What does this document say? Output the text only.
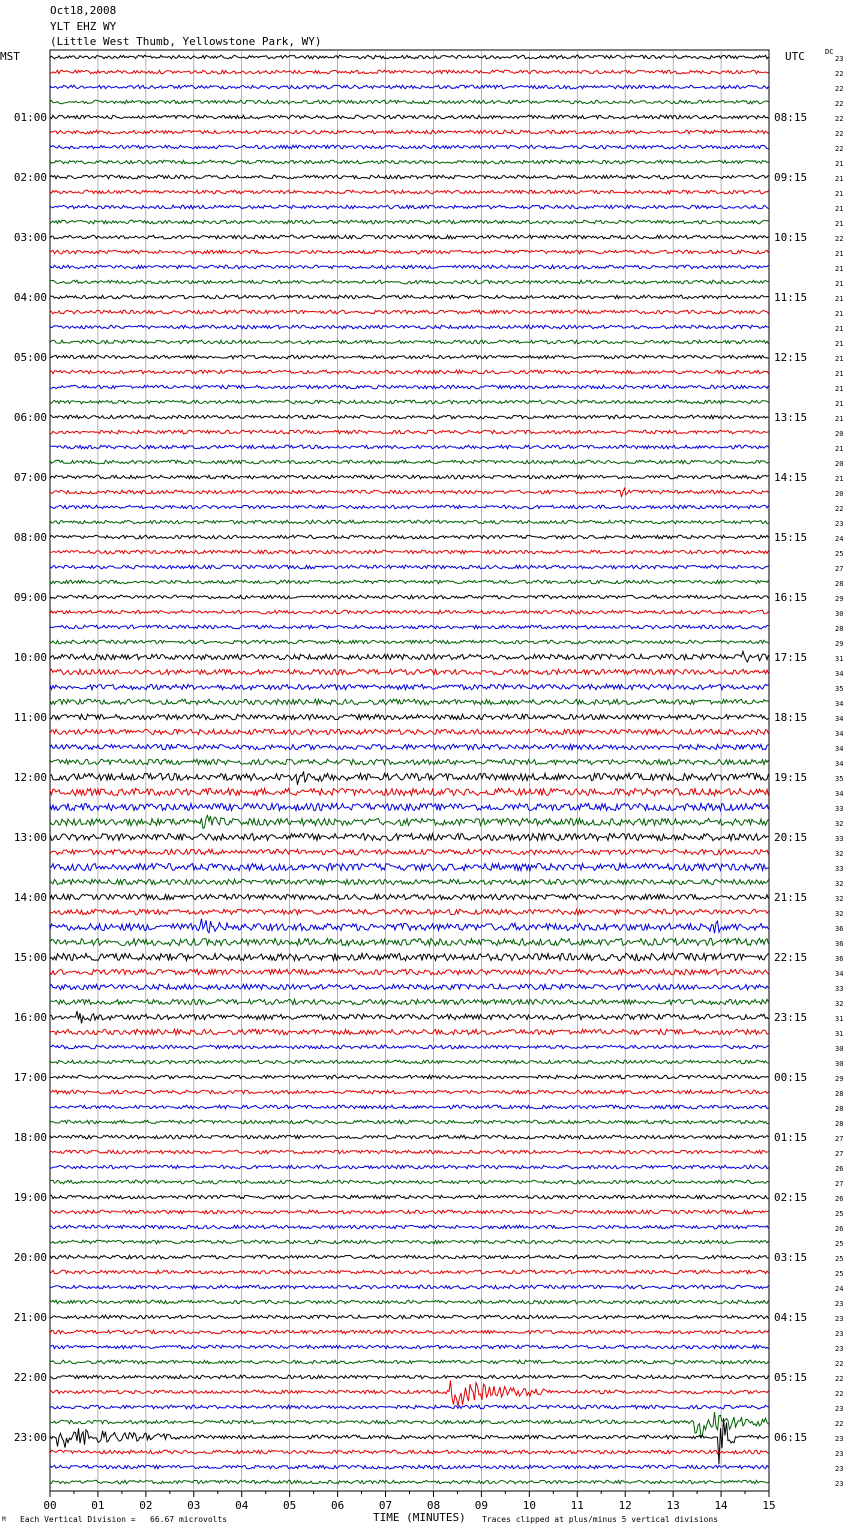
Oct18,2008
YLT EHZ WY
(Little West Thumb, Yellowstone Park, WY)
MST	UTC	DC
00	01	02	03	04	05	06	07	08	09	10	11	12	13	14	15
23
22
22
22
22
01:00	08:15
22
22
21
21
02:00	09:15
21
21
21
22
03:00	10:15
21
21
21
21
04:00	11:15
21
21
21
21
05:00	12:15
21
21
21
21
06:00	13:15
20
21
20
21
07:00	14:15
20
22
23
24
08:00	15:15
25
27
28
29
09:00	16:15
30
28
29
31
10:00	17:15
34
35
34
34
11:00	18:15
34
34
34
35
12:00	19:15
34
33
32
33
13:00	20:15
32
33
32
32
14:00	21:15
32
36
36
36
15:00	22:15
34
33
32
31
16:00	23:15
31
30
30
29
17:00	00:15
28
28
28
27
18:00	01:15
27
26
27
26
19:00	02:15
25
26
25
25
20:00	03:15
25
24
23
23
21:00	04:15
23
23
22
22
22:00	05:15
22
23
22
23
23:00	06:15
23
23
23
M Each Vertical Division =   66.67 microvolts	TIME (MINUTES) Traces clipped at plus/minus 5 vertical divisions
